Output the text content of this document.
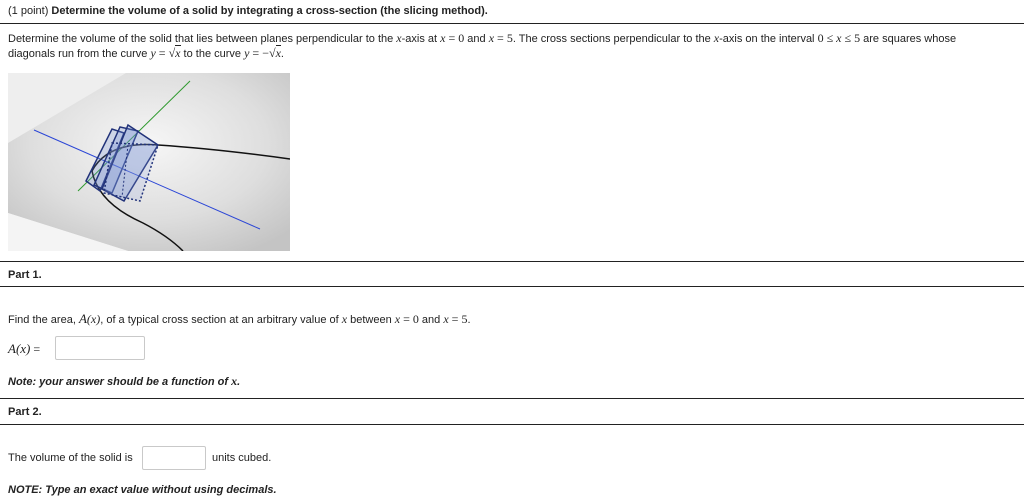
(1 point) Determine the volume of a solid by integrating a cross-section (the slicing method).
Determine the volume of the solid that lies between planes perpendicular to the x-axis at x = 0 and x = 5. The cross sections perpendicular to the x-axis on the interval 0 ≤ x ≤ 5 are squares whose
diagonals run from the curve y = √x to the curve y = −√x.
Part 1.
Find the area, A(x), of a typical cross section at an arbitrary value of x between x = 0 and x = 5.
A(x) =
Note: your answer should be a function of x.
Part 2.
The volume of the solid is	units cubed.
NOTE: Type an exact value without using decimals.
